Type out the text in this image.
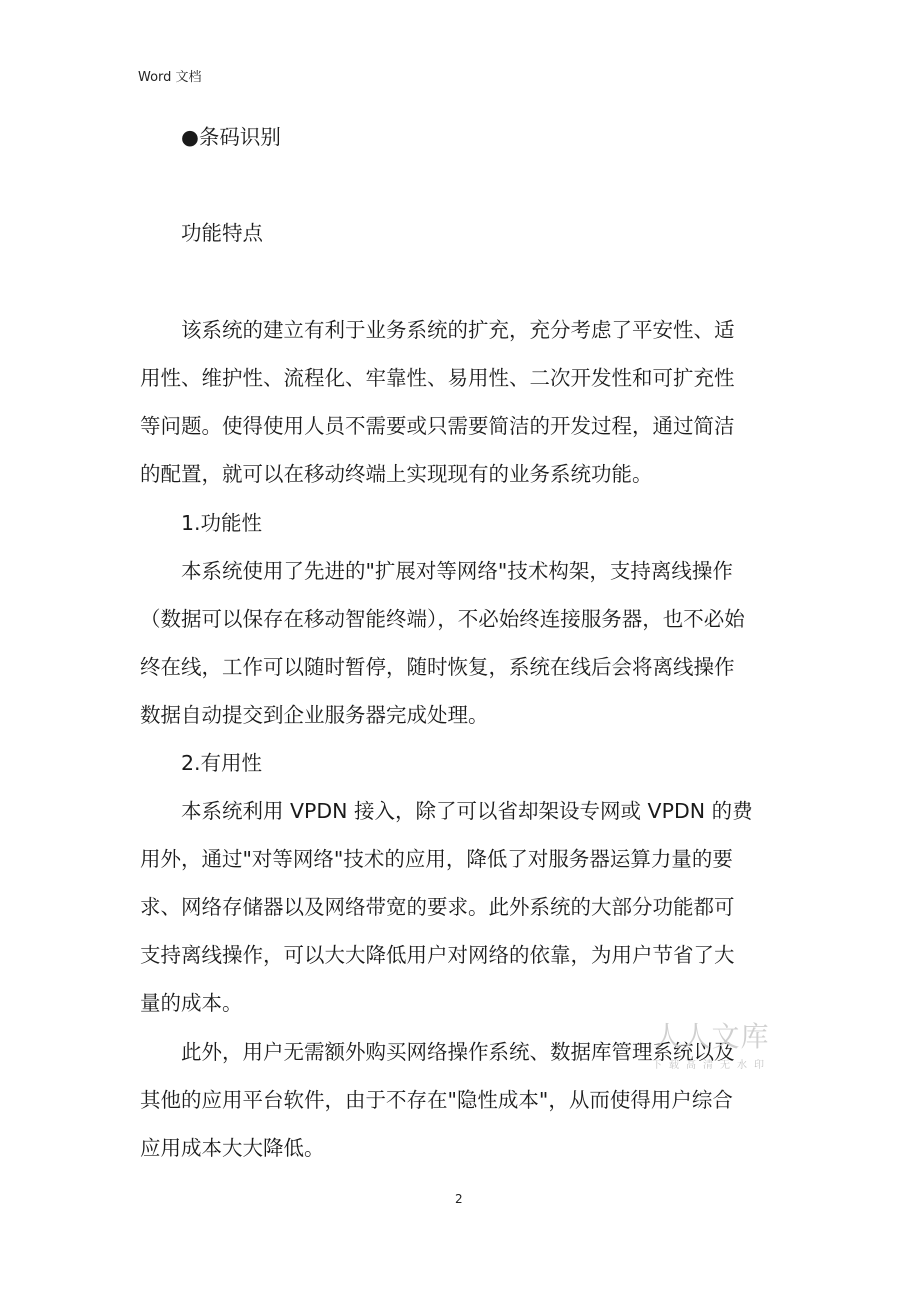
Word 文档
●条码识别
功能特点
该系统的建立有利于业务系统的扩充，充分考虑了平安性、适
用性、维护性、流程化、牢靠性、易用性、二次开发性和可扩充性
等问题。使得使用人员不需要或只需要简洁的开发过程，通过简洁
的配置，就可以在移动终端上实现现有的业务系统功能。
1.功能性
本系统使用了先进的"扩展对等网络"技术构架，支持离线操作
（数据可以保存在移动智能终端），不必始终连接服务器，也不必始
终在线，工作可以随时暂停，随时恢复，系统在线后会将离线操作
数据自动提交到企业服务器完成处理。
2.有用性
本系统利用 VPDN 接入，除了可以省却架设专网或 VPDN 的费
用外，通过"对等网络"技术的应用，降低了对服务器运算力量的要
求、网络存储器以及网络带宽的要求。此外系统的大部分功能都可
支持离线操作，可以大大降低用户对网络的依靠，为用户节省了大
量的成本。
此外，用户无需额外购买网络操作系统、数据库管理系统以及
其他的应用平台软件，由于不存在"隐性成本"，从而使得用户综合
应用成本大大降低。
人人文库
下载高清无水印
2
